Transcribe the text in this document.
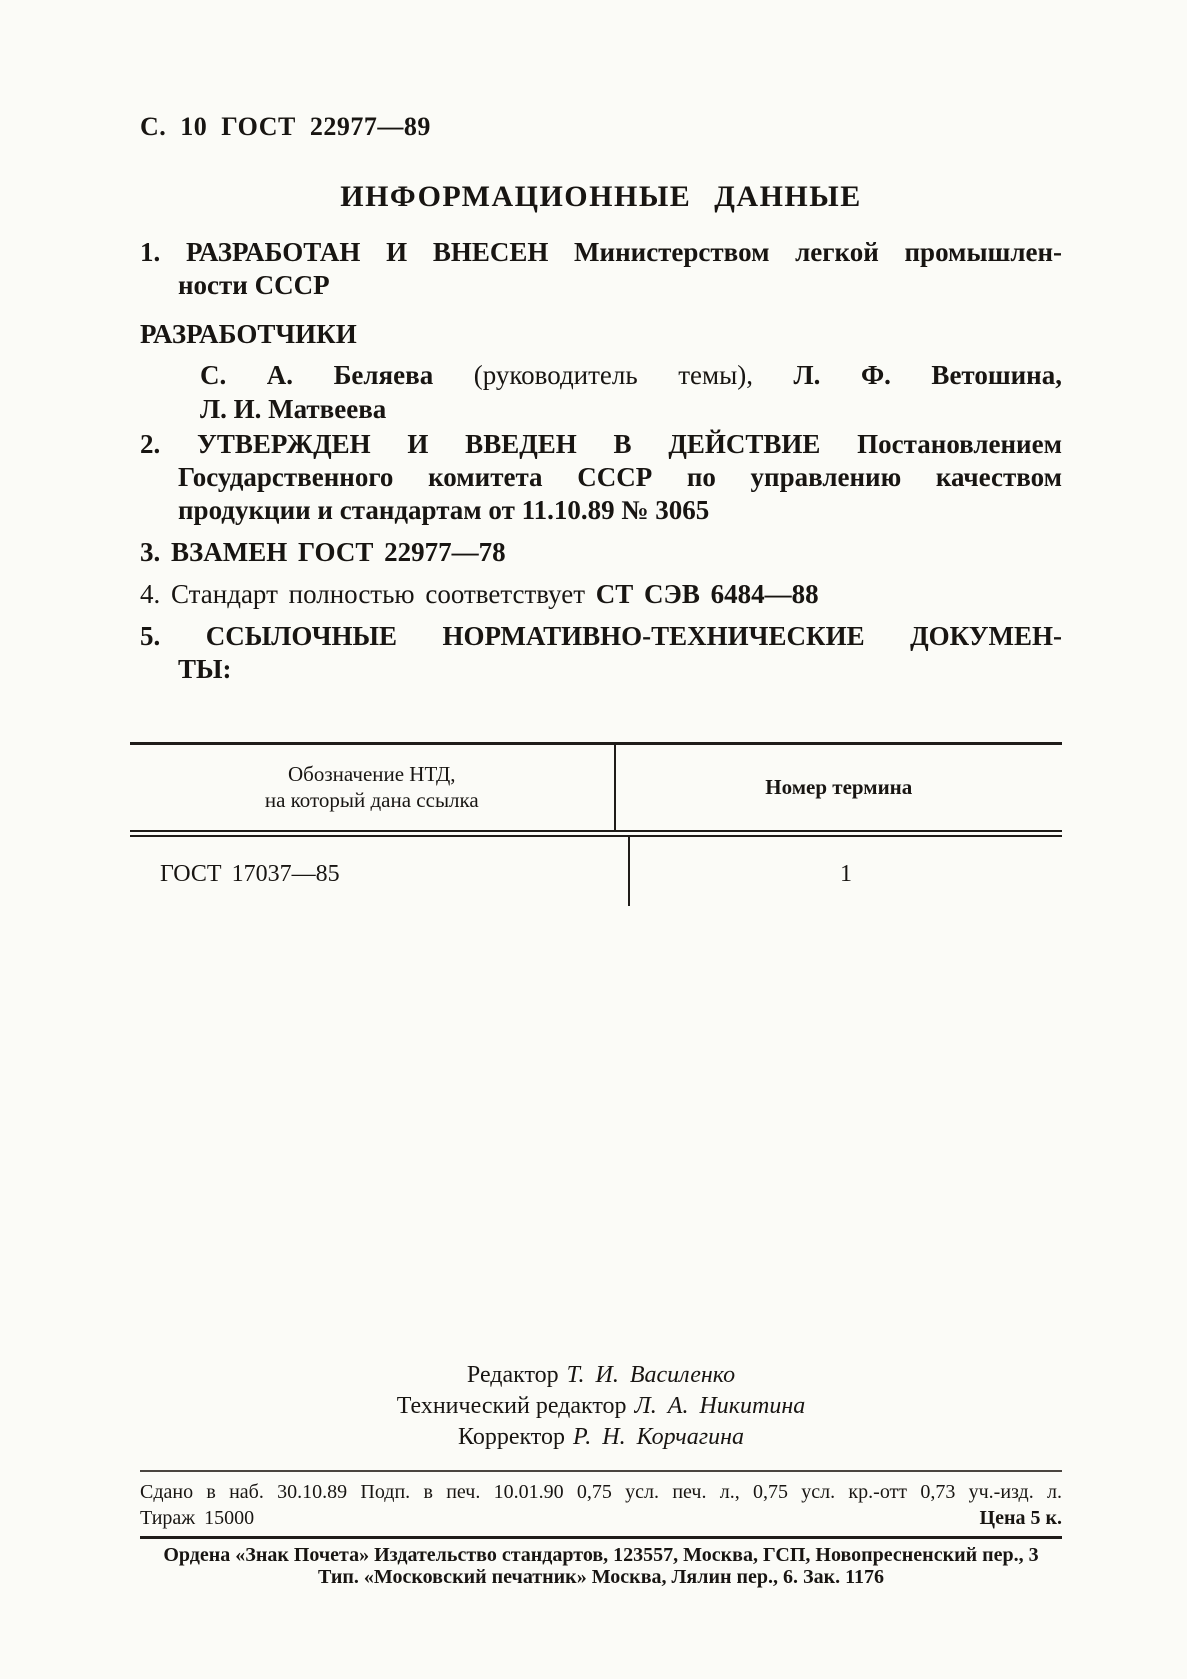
С. 10 ГОСТ 22977—89
ИНФОРМАЦИОННЫЕ ДАННЫЕ
1. РАЗРАБОТАН И ВНЕСЕН Министерством легкой промышлен-
ности СССР
РАЗРАБОТЧИКИ
С. А. Беляева (руководитель темы), Л. Ф. Ветошина,
Л. И. Матвеева
2. УТВЕРЖДЕН И ВВЕДЕН В ДЕЙСТВИЕ Постановлением
Государственного комитета СССР по управлению качеством
продукции и стандартам от 11.10.89 № 3065
3. ВЗАМЕН ГОСТ 22977—78
4. Стандарт полностью соответствует СТ СЭВ 6484—88
5. ССЫЛОЧНЫЕ НОРМАТИВНО-ТЕХНИЧЕСКИЕ ДОКУМЕН-
ТЫ:
Обозначение НТД,
на который дана ссылка
Номер термина
ГОСТ 17037—85	1
Редактор Т. И. Василенко
Технический редактор Л. А. Никитина
Корректор Р. Н. Корчагина
Сдано в наб. 30.10.89 Подп. в печ. 10.01.90 0,75 усл. печ. л., 0,75 усл. кр.-отт 0,73 уч.-изд. л.
Тираж 15000	Цена 5 к.
Ордена «Знак Почета» Издательство стандартов, 123557, Москва, ГСП, Новопресненский пер., 3
Тип. «Московский печатник» Москва, Лялин пер., 6. Зак. 1176
